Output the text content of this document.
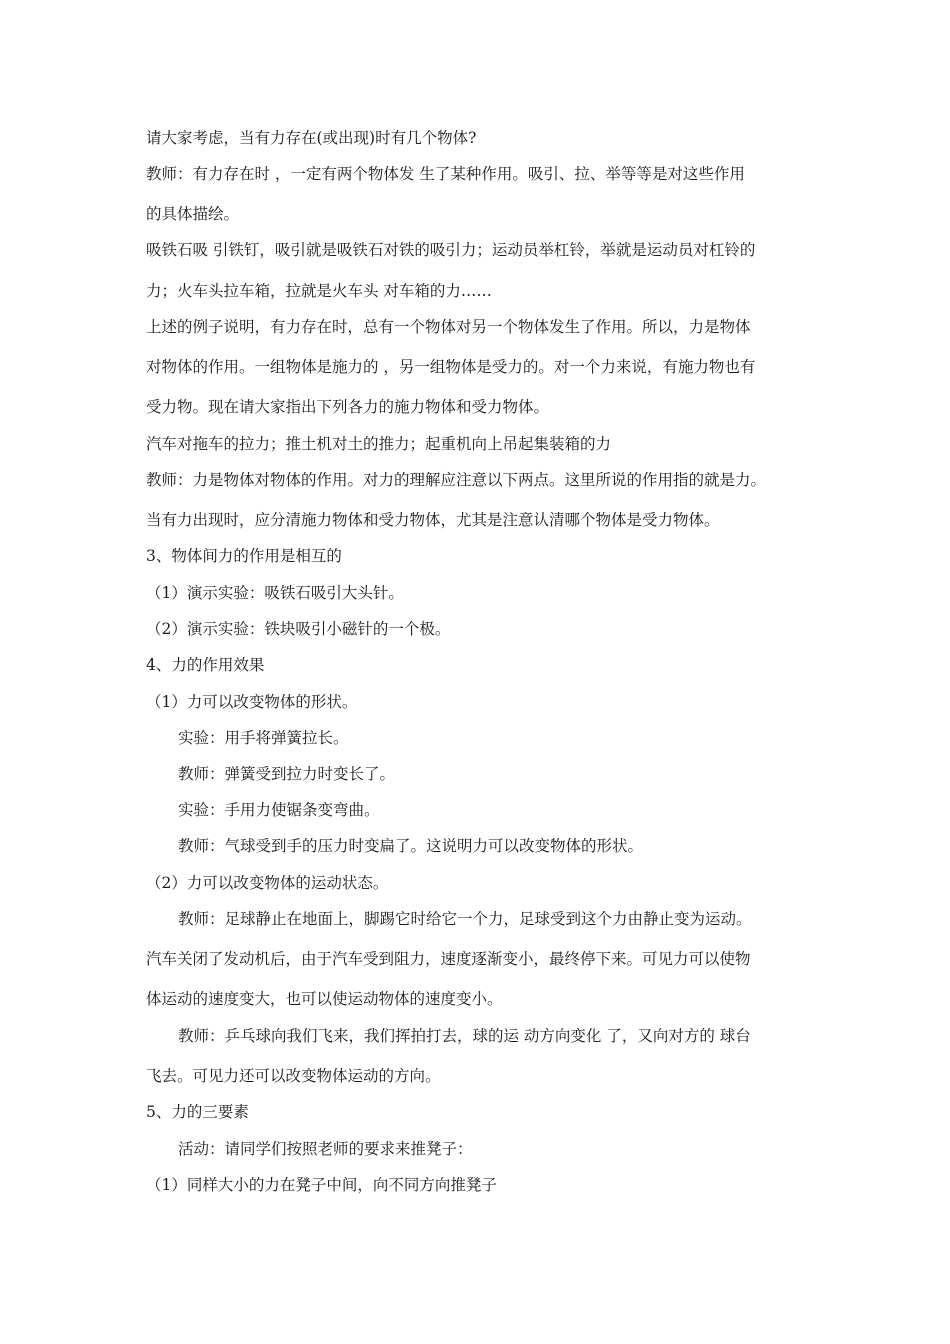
请大家考虑，当有力存在(或出现)时有几个物体?
教师：有力存在时 ，一定有两个物体发 生了某种作用。吸引、拉、举等等是对这些作用
的具体描绘。
吸铁石吸 引铁钉，吸引就是吸铁石对铁的吸引力；运动员举杠铃，举就是运动员对杠铃的
力；火车头拉车箱，拉就是火车头 对车箱的力……
上述的例子说明，有力存在时，总有一个物体对另一个物体发生了作用。所以，力是物体
对物体的作用。一组物体是施力的 ，另一组物体是受力的。对一个力来说，有施力物也有
受力物。现在请大家指出下列各力的施力物体和受力物体。
汽车对拖车的拉力；推土机对土的推力；起重机向上吊起集装箱的力
教师：力是物体对物体的作用。对力的理解应注意以下两点。这里所说的作用指的就是力。
当有力出现时，应分清施力物体和受力物体，尤其是注意认清哪个物体是受力物体。
3、物体间力的作用是相互的
（1）演示实验：吸铁石吸引大头针。
（2）演示实验：铁块吸引小磁针的一个极。
4、力的作用效果
（1）力可以改变物体的形状。
实验：用手将弹簧拉长。
教师：弹簧受到拉力时变长了。
实验：手用力使锯条变弯曲。
教师：气球受到手的压力时变扁了。这说明力可以改变物体的形状。
（2）力可以改变物体的运动状态。
教师：足球静止在地面上，脚踢它时给它一个力，足球受到这个力由静止变为运动。
汽车关闭了发动机后，由于汽车受到阻力，速度逐渐变小，最终停下来。可见力可以使物
体运动的速度变大，也可以使运动物体的速度变小。
教师：乒乓球向我们飞来，我们挥拍打去，球的运 动方向变化 了，又向对方的 球台
飞去。可见力还可以改变物体运动的方向。
5、力的三要素
活动：请同学们按照老师的要求来推凳子：
（1）同样大小的力在凳子中间，向不同方向推凳子
